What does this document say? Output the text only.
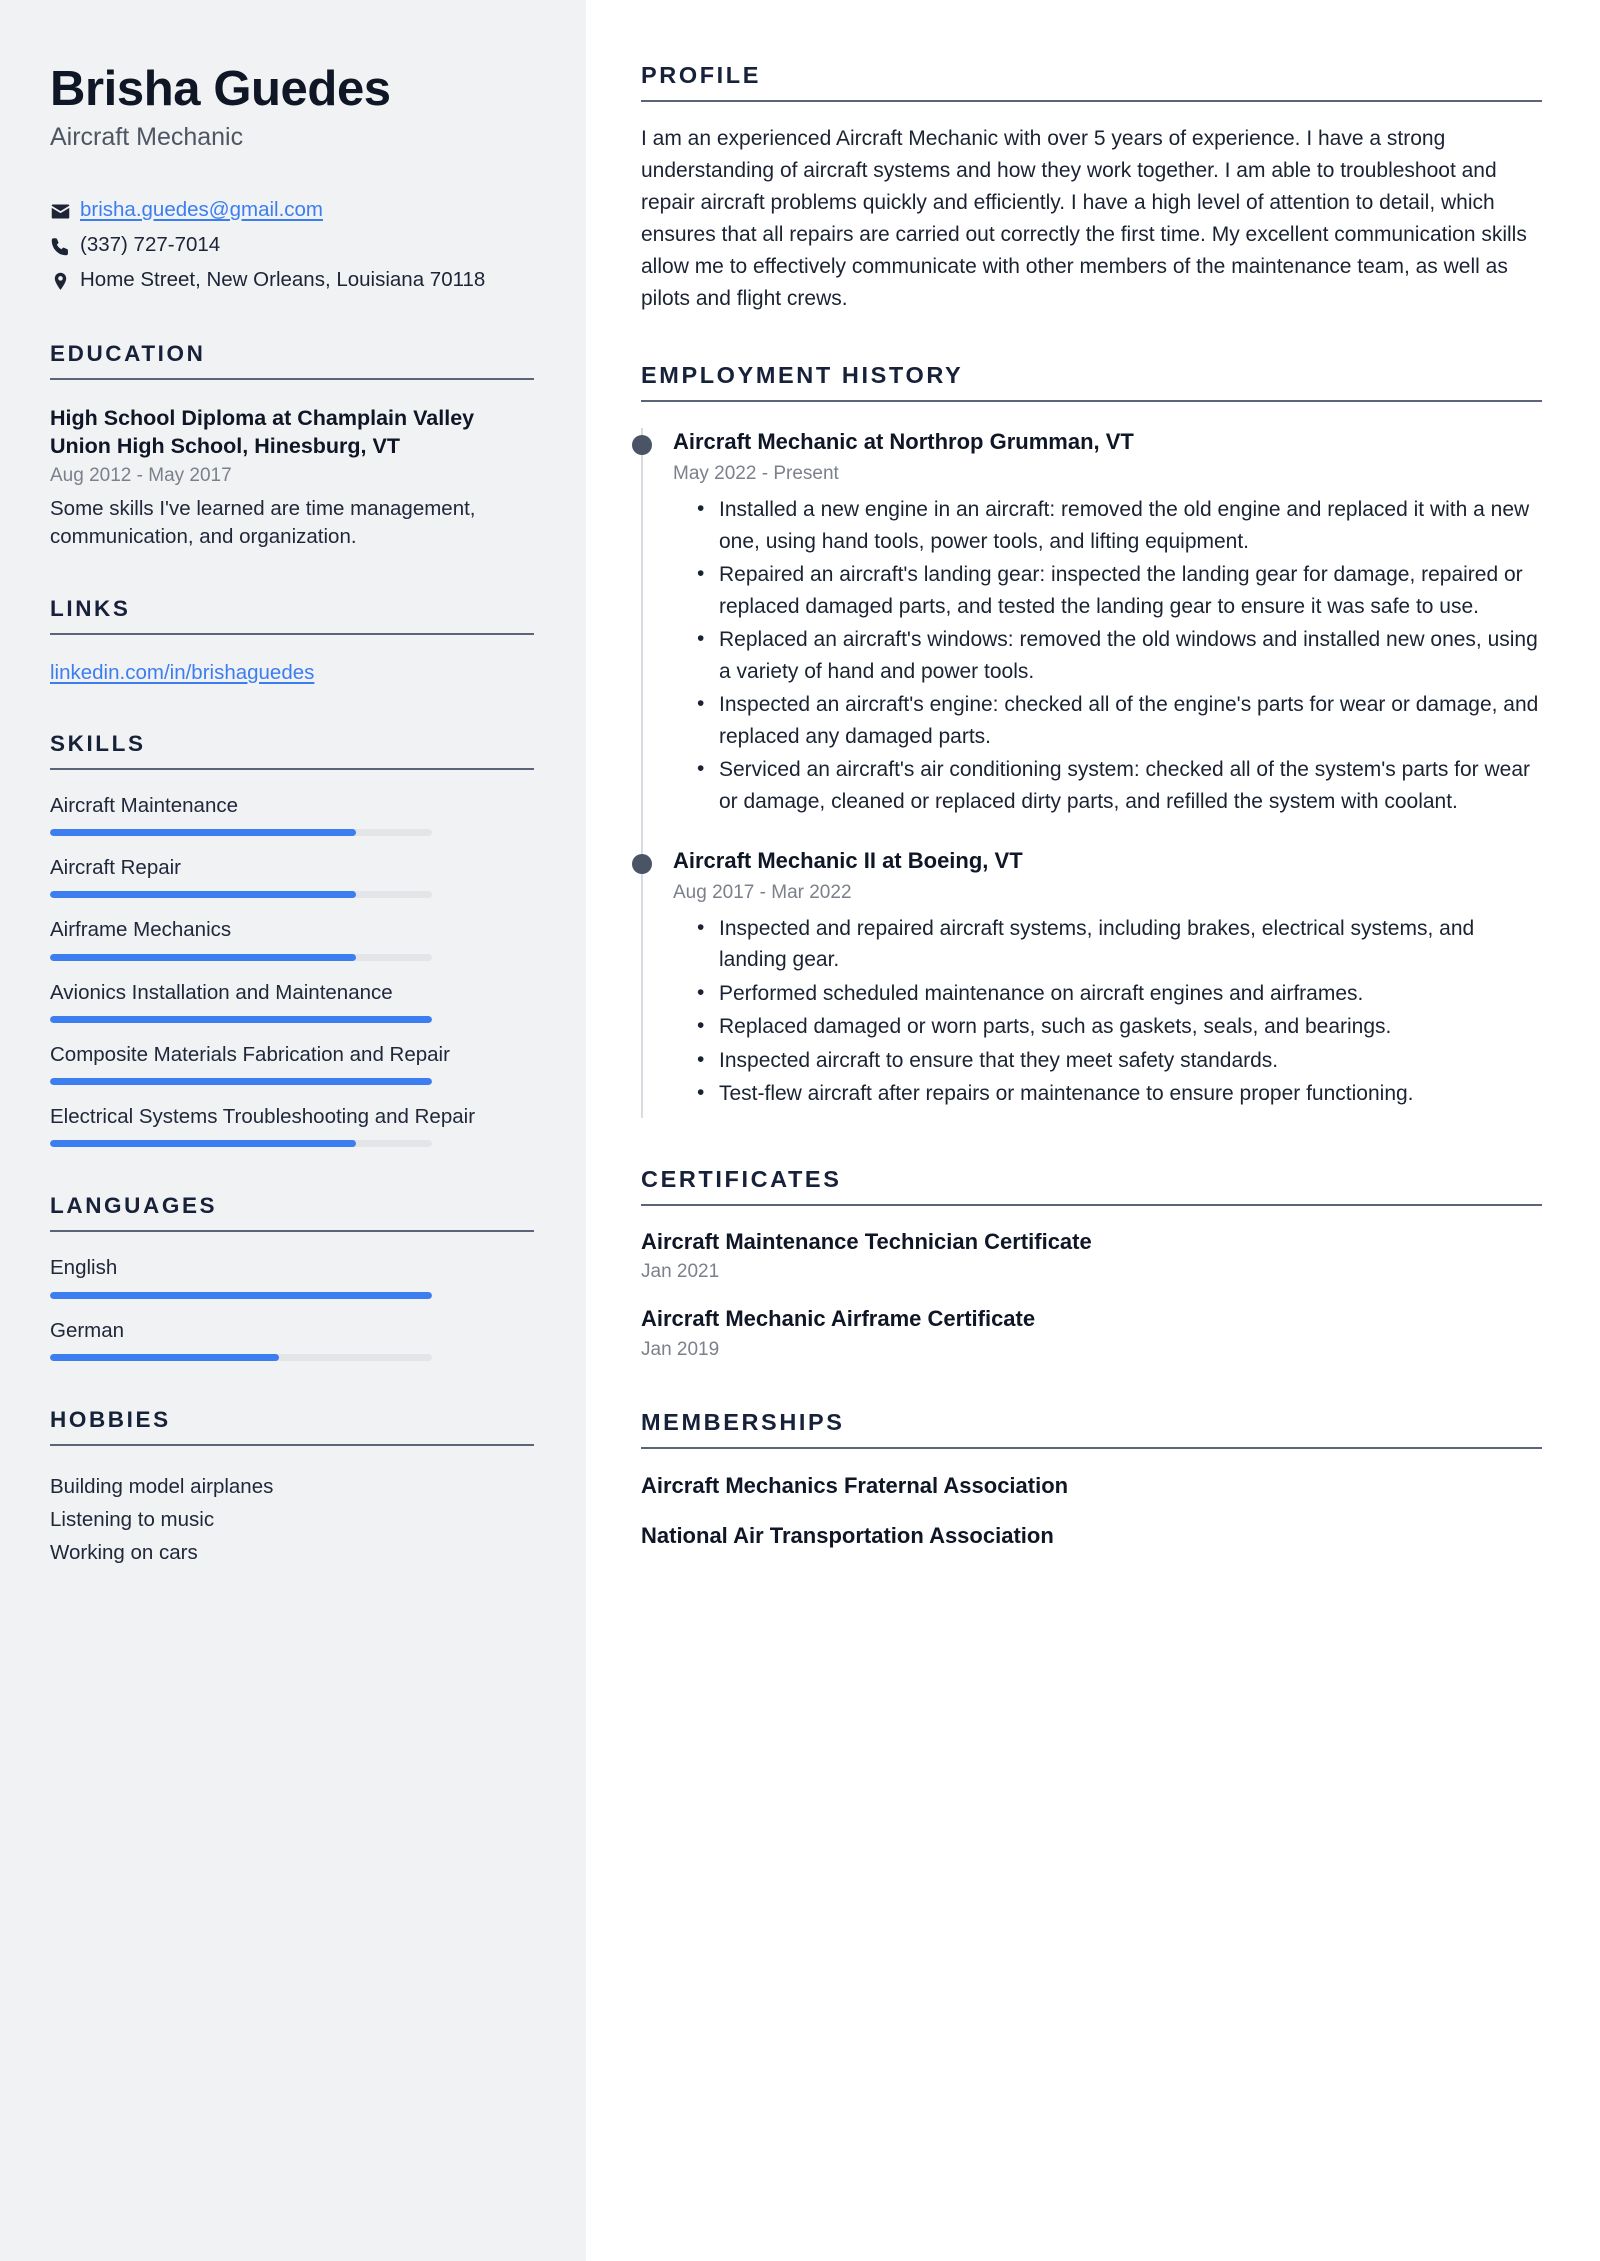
Brisha Guedes
Aircraft Mechanic
brisha.guedes@gmail.com
(337) 727-7014
Home Street, New Orleans, Louisiana 70118
EDUCATION
High School Diploma at Champlain Valley Union High School, Hinesburg, VT
Aug 2012 - May 2017
Some skills I've learned are time management, communication, and organization.
LINKS
linkedin.com/in/brishaguedes
SKILLS
Aircraft Maintenance
Aircraft Repair
Airframe Mechanics
Avionics Installation and Maintenance
Composite Materials Fabrication and Repair
Electrical Systems Troubleshooting and Repair
LANGUAGES
English
German
HOBBIES
Building model airplanes
Listening to music
Working on cars
PROFILE

I am an experienced Aircraft Mechanic with over 5 years of experience. I have a strong understanding of aircraft systems and how they work together. I am able to troubleshoot and repair aircraft problems quickly and efficiently. I have a high level of attention to detail, which ensures that all repairs are carried out correctly the first time. My excellent communication skills allow me to effectively communicate with other members of the maintenance team, as well as pilots and flight crews.

EMPLOYMENT HISTORY
Aircraft Mechanic at Northrop Grumman, VT
May 2022 - Present
• Installed a new engine in an aircraft: removed the old engine and replaced it with a new one, using hand tools, power tools, and lifting equipment.
• Repaired an aircraft's landing gear: inspected the landing gear for damage, repaired or replaced damaged parts, and tested the landing gear to ensure it was safe to use.
• Replaced an aircraft's windows: removed the old windows and installed new ones, using a variety of hand and power tools.
• Inspected an aircraft's engine: checked all of the engine's parts for wear or damage, and replaced any damaged parts.
• Serviced an aircraft's air conditioning system: checked all of the system's parts for wear or damage, cleaned or replaced dirty parts, and refilled the system with coolant.
Aircraft Mechanic II at Boeing, VT
Aug 2017 - Mar 2022
• Inspected and repaired aircraft systems, including brakes, electrical systems, and landing gear.
• Performed scheduled maintenance on aircraft engines and airframes.
• Replaced damaged or worn parts, such as gaskets, seals, and bearings.
• Inspected aircraft to ensure that they meet safety standards.
• Test-flew aircraft after repairs or maintenance to ensure proper functioning.
CERTIFICATES
Aircraft Maintenance Technician Certificate
Jan 2021
Aircraft Mechanic Airframe Certificate
Jan 2019
MEMBERSHIPS
Aircraft Mechanics Fraternal Association
National Air Transportation Association
